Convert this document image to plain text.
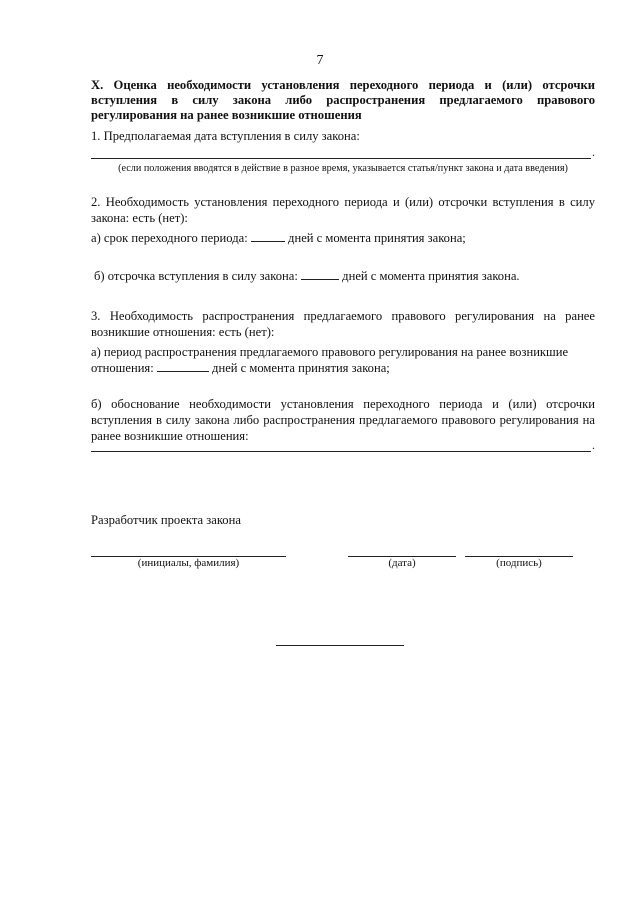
7
X. Оценка необходимости установления переходного периода и (или) отсрочки вступления в силу закона либо распространения предлагаемого правового регулирования на ранее возникшие отношения
1. Предполагаемая дата вступления в силу закона:
.
(если положения вводятся в действие в разное время, указывается статья/пункт закона и дата введения)
2. Необходимость установления переходного периода и (или) отсрочки вступления в силу закона: есть (нет):
а) срок переходного периода:	дней с момента принятия закона;
б) отсрочка вступления в силу закона:	дней с момента принятия закона.
3. Необходимость распространения предлагаемого правового регулирования на ранее возникшие отношения: есть (нет):
а) период распространения предлагаемого правового регулирования на ранее возникшие
отношения:	дней с момента принятия закона;
б) обоснование необходимости установления переходного периода и (или) отсрочки вступления в силу закона либо распространения предлагаемого правового регулирования на ранее возникшие отношения:
.
Разработчик проекта закона
(инициалы, фамилия)	(дата)	(подпись)
